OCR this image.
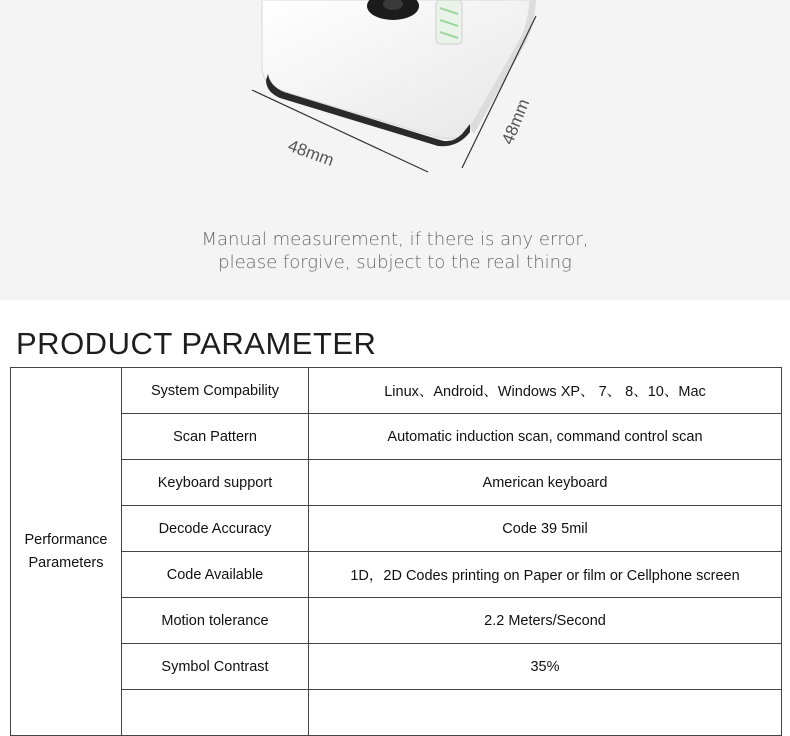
48mm
48mm
Manual measurement, if there is any error,
please forgive, subject to the real thing
PRODUCT PARAMETER
Performance
Parameters	System Compability	Linux、Android、Windows XP、 7、 8、10、Mac
	Scan Pattern	Automatic induction scan, command control scan
	Keyboard support	American keyboard
	Decode Accuracy	Code 39 5mil
	Code Available	1D，2D Codes printing on Paper or film or Cellphone screen
	Motion tolerance	2.2 Meters/Second
	Symbol Contrast	35%
